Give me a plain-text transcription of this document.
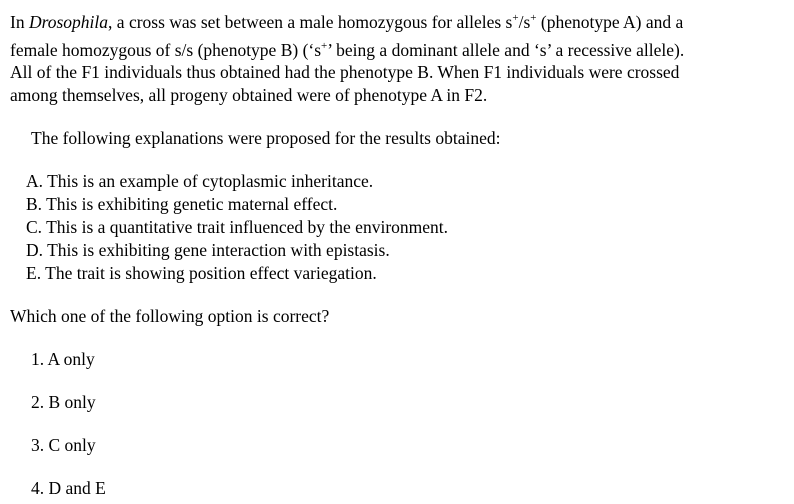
In Drosophila, a cross was set between a male homozygous for alleles s+/s+ (phenotype A) and a
female homozygous of s/s (phenotype B) (‘s+’ being a dominant allele and ‘s’ a recessive allele).
All of the F1 individuals thus obtained had the phenotype B. When F1 individuals were crossed
among themselves, all progeny obtained were of phenotype A in F2.
The following explanations were proposed for the results obtained:
A. This is an example of cytoplasmic inheritance.
B. This is exhibiting genetic maternal effect.
C. This is a quantitative trait influenced by the environment.
D. This is exhibiting gene interaction with epistasis.
E. The trait is showing position effect variegation.
Which one of the following option is correct?
1. A only
2. B only
3. C only
4. D and E
